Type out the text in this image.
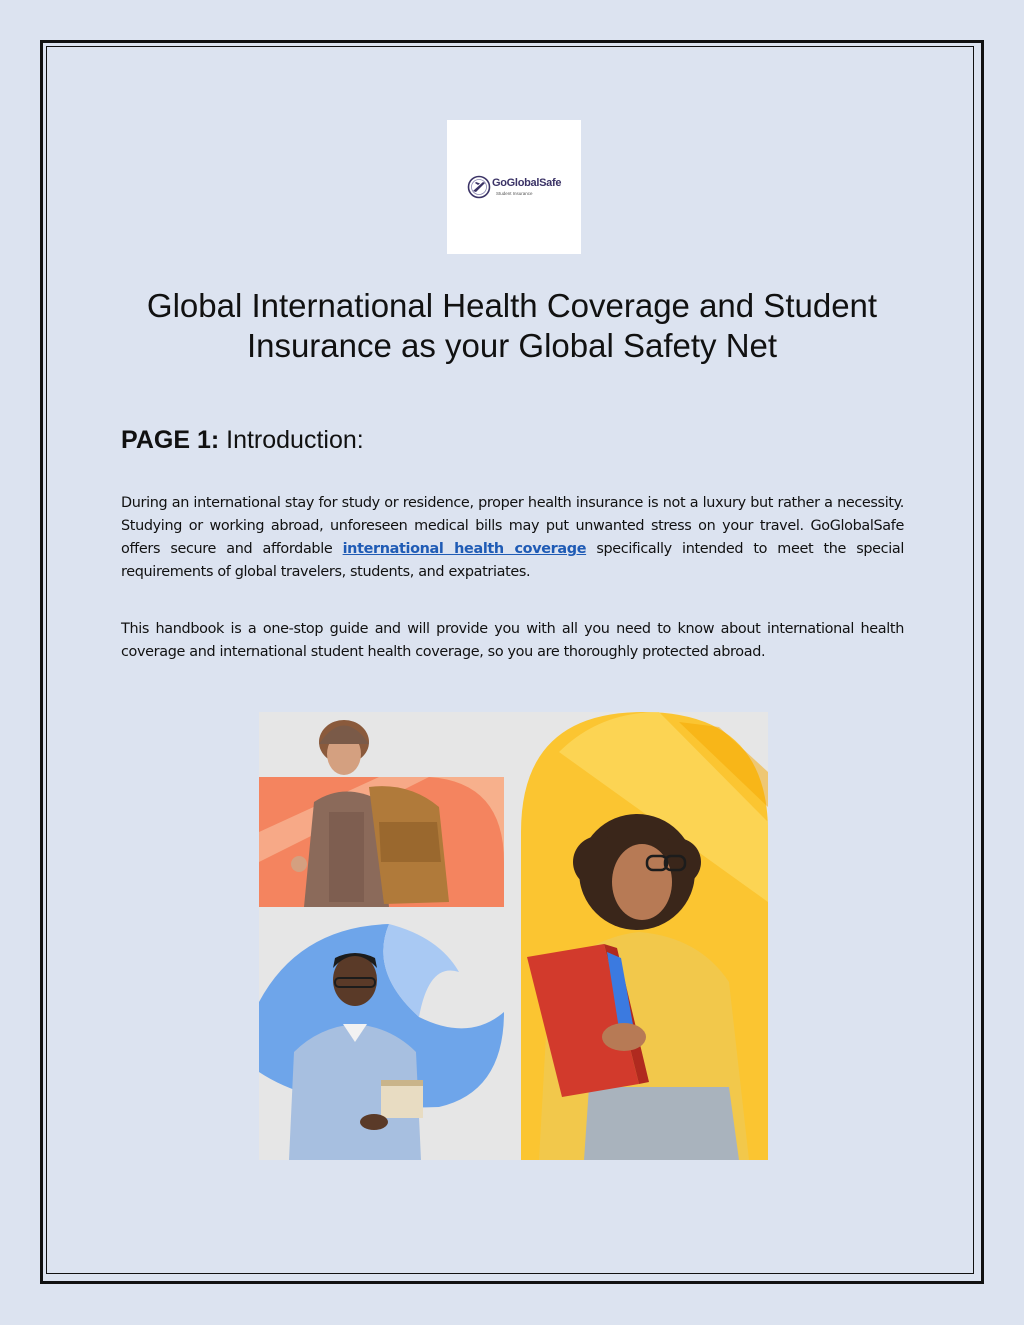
GoGlobalSafe
Student Insurance
Global International Health Coverage and Student Insurance as your Global Safety Net
PAGE 1: Introduction:

During an international stay for study or residence, proper health insurance is not a luxury but rather a necessity. Studying or working abroad, unforeseen medical bills may put unwanted stress on your travel. GoGlobalSafe offers secure and affordable international health coverage specifically intended to meet the special requirements of global travelers, students, and expatriates.

This handbook is a one-stop guide and will provide you with all you need to know about international health coverage and international student health coverage, so you are thoroughly protected abroad.
